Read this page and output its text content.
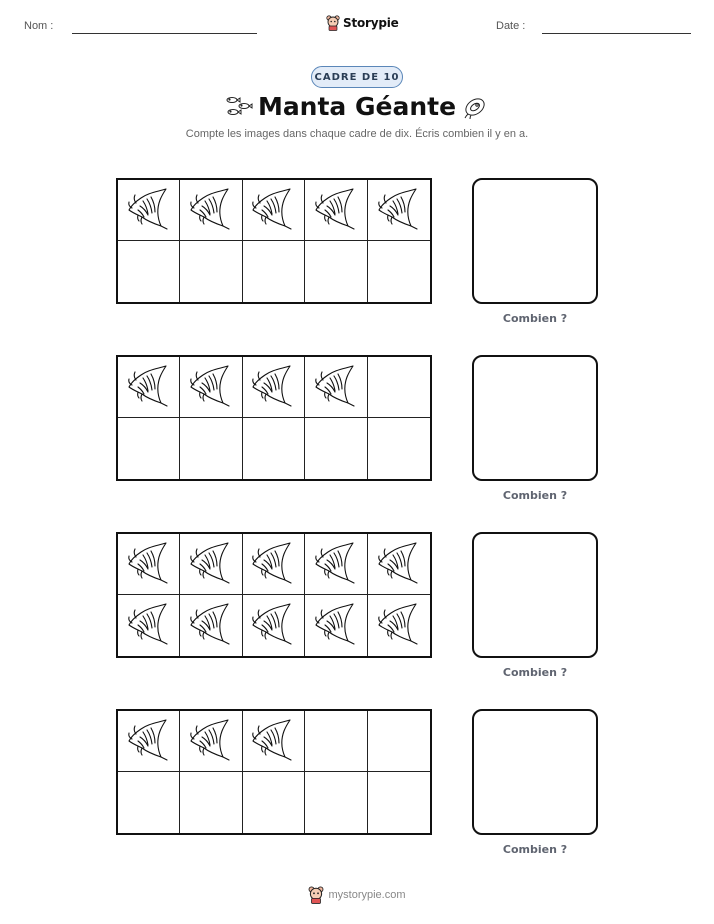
Nom :	Storypie	Date :
CADRE DE 10
Manta Géante
Compte les images dans chaque cadre de dix. Écris combien il y en a.
Combien ?
Combien ?
Combien ?
Combien ?
mystorypie.com
